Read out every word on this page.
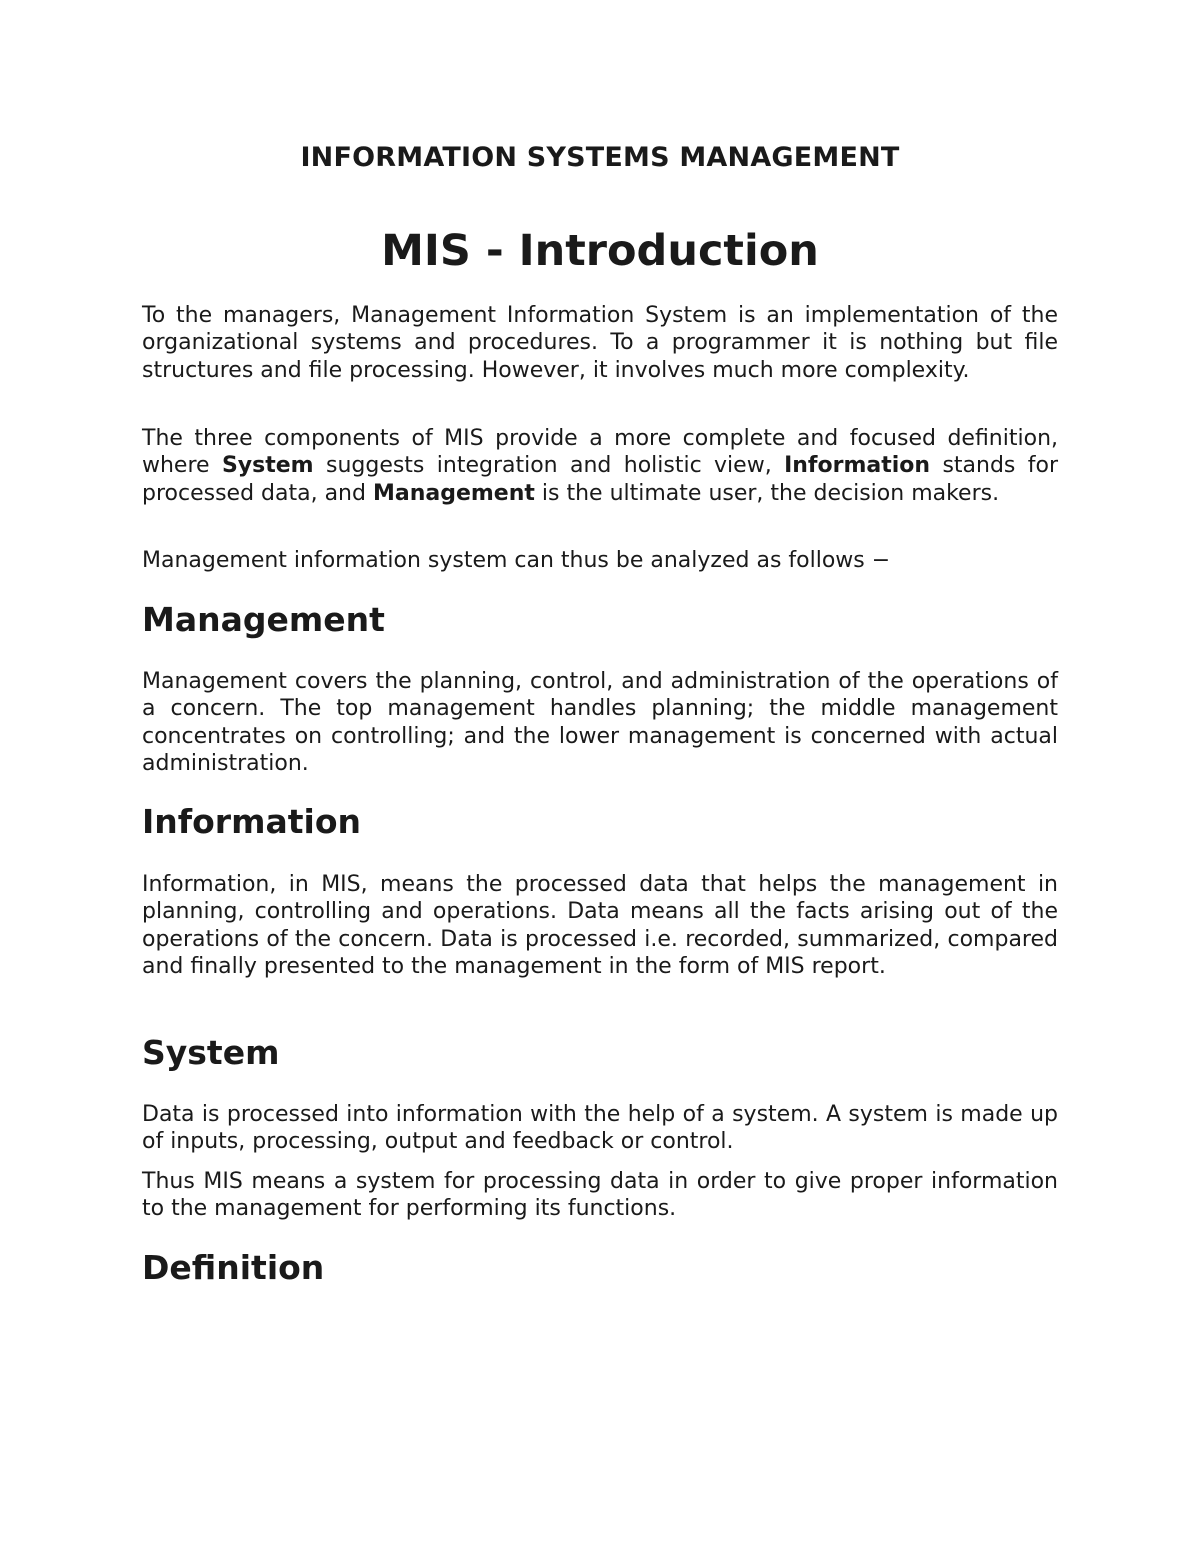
INFORMATION SYSTEMS MANAGEMENT
MIS - Introduction

To the managers, Management Information System is an implementation of the organizational systems and procedures. To a programmer it is nothing but file structures and file processing. However, it involves much more complexity.

The three components of MIS provide a more complete and focused definition, where System suggests integration and holistic view, Information stands for processed data, and Management is the ultimate user, the decision makers.

Management information system can thus be analyzed as follows −

Management

Management covers the planning, control, and administration of the operations of a concern. The top management handles planning; the middle management concentrates on controlling; and the lower management is concerned with actual administration.

Information

Information, in MIS, means the processed data that helps the management in planning, controlling and operations. Data means all the facts arising out of the operations of the concern. Data is processed i.e. recorded, summarized, compared and finally presented to the management in the form of MIS report.

System

Data is processed into information with the help of a system. A system is made up of inputs, processing, output and feedback or control.

Thus MIS means a system for processing data in order to give proper information to the management for performing its functions.

Definition
